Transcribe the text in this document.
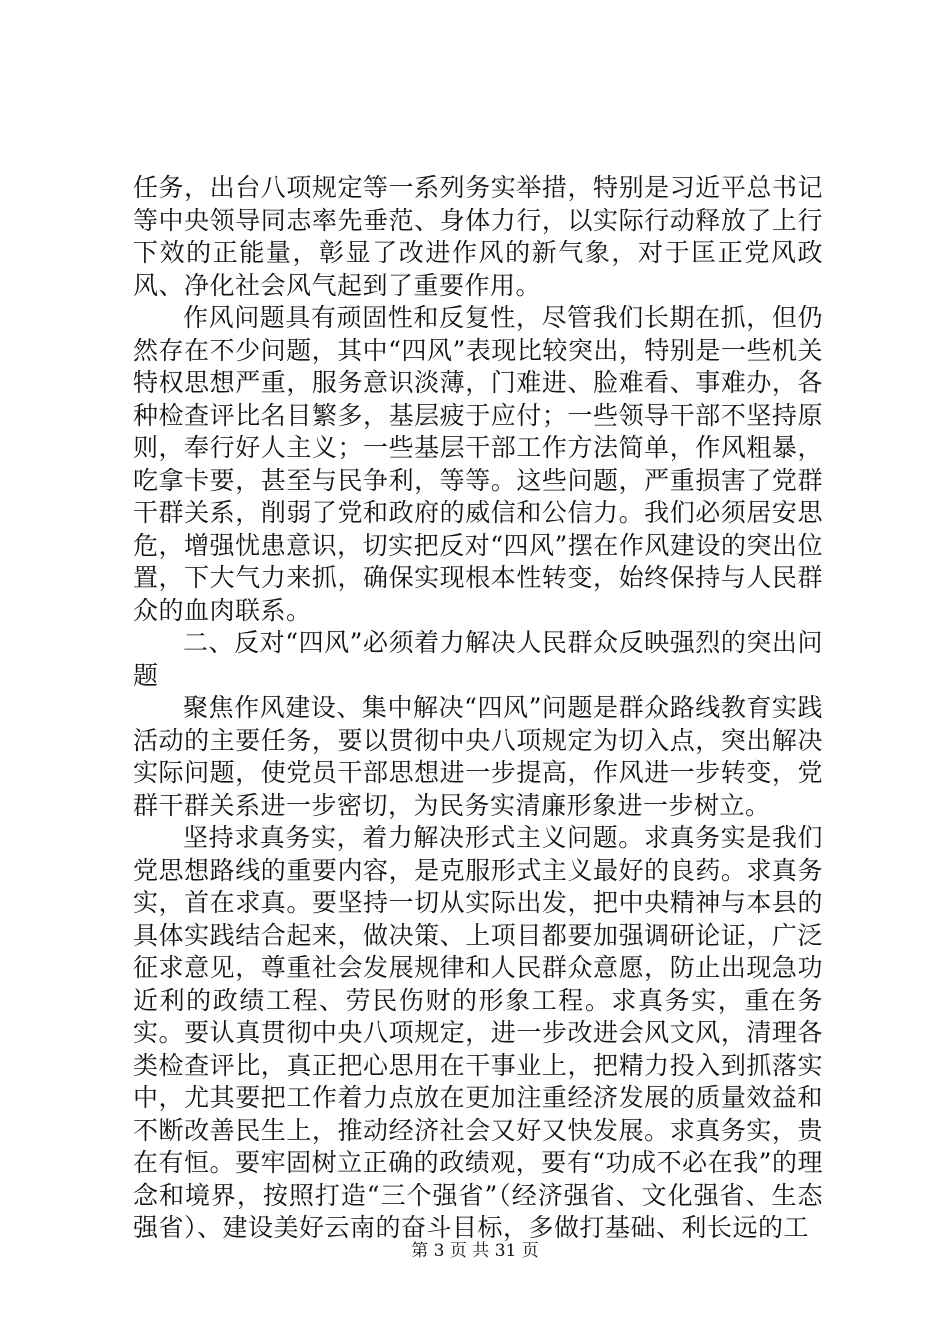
任务，出台八项规定等一系列务实举措，特别是习近平总书记等中央领导同志率先垂范、身体力行，以实际行动释放了上行下效的正能量，彰显了改进作风的新气象，对于匡正党风政风、净化社会风气起到了重要作用。

作风问题具有顽固性和反复性，尽管我们长期在抓，但仍然存在不少问题，其中“四风”表现比较突出，特别是一些机关特权思想严重，服务意识淡薄，门难进、脸难看、事难办，各种检查评比名目繁多，基层疲于应付；一些领导干部不坚持原则，奉行好人主义；一些基层干部工作方法简单，作风粗暴，吃拿卡要，甚至与民争利，等等。这些问题，严重损害了党群干群关系，削弱了党和政府的威信和公信力。我们必须居安思危，增强忧患意识，切实把反对“四风”摆在作风建设的突出位置，下大气力来抓，确保实现根本性转变，始终保持与人民群众的血肉联系。

二、反对“四风”必须着力解决人民群众反映强烈的突出问题

聚焦作风建设、集中解决“四风”问题是群众路线教育实践活动的主要任务，要以贯彻中央八项规定为切入点，突出解决实际问题，使党员干部思想进一步提高，作风进一步转变，党群干群关系进一步密切，为民务实清廉形象进一步树立。

坚持求真务实，着力解决形式主义问题。求真务实是我们党思想路线的重要内容，是克服形式主义最好的良药。求真务实，首在求真。要坚持一切从实际出发，把中央精神与本县的具体实践结合起来，做决策、上项目都要加强调研论证，广泛征求意见，尊重社会发展规律和人民群众意愿，防止出现急功近利的政绩工程、劳民伤财的形象工程。求真务实，重在务实。要认真贯彻中央八项规定，进一步改进会风文风，清理各类检查评比，真正把心思用在干事业上，把精力投入到抓落实中，尤其要把工作着力点放在更加注重经济发展的质量效益和不断改善民生上，推动经济社会又好又快发展。求真务实，贵在有恒。要牢固树立正确的政绩观，要有“功成不必在我”的理念和境界，按照打造“三个强省”（经济强省、文化强省、生态强省）、建设美好云南的奋斗目标，多做打基础、利长远的工

第 3 页 共 31 页
